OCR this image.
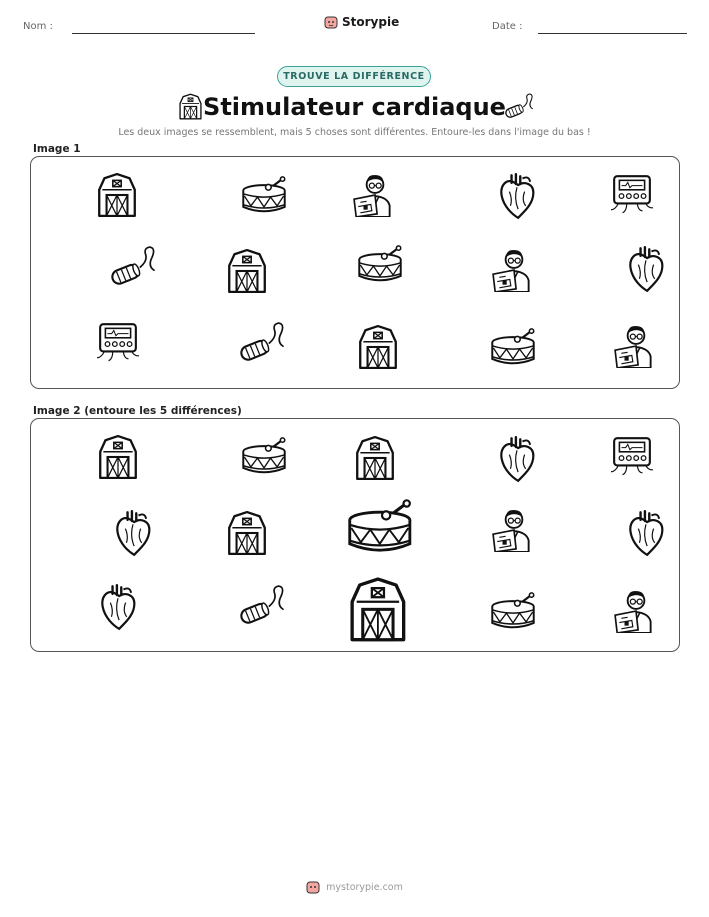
Nom :	Storypie	Date :
TROUVE LA DIFFÉRENCE
Stimulateur cardiaque
Les deux images se ressemblent, mais 5 choses sont différentes. Entoure-les dans l'image du bas !
Image 1
Image 2 (entoure les 5 différences)
mystorypie.com
